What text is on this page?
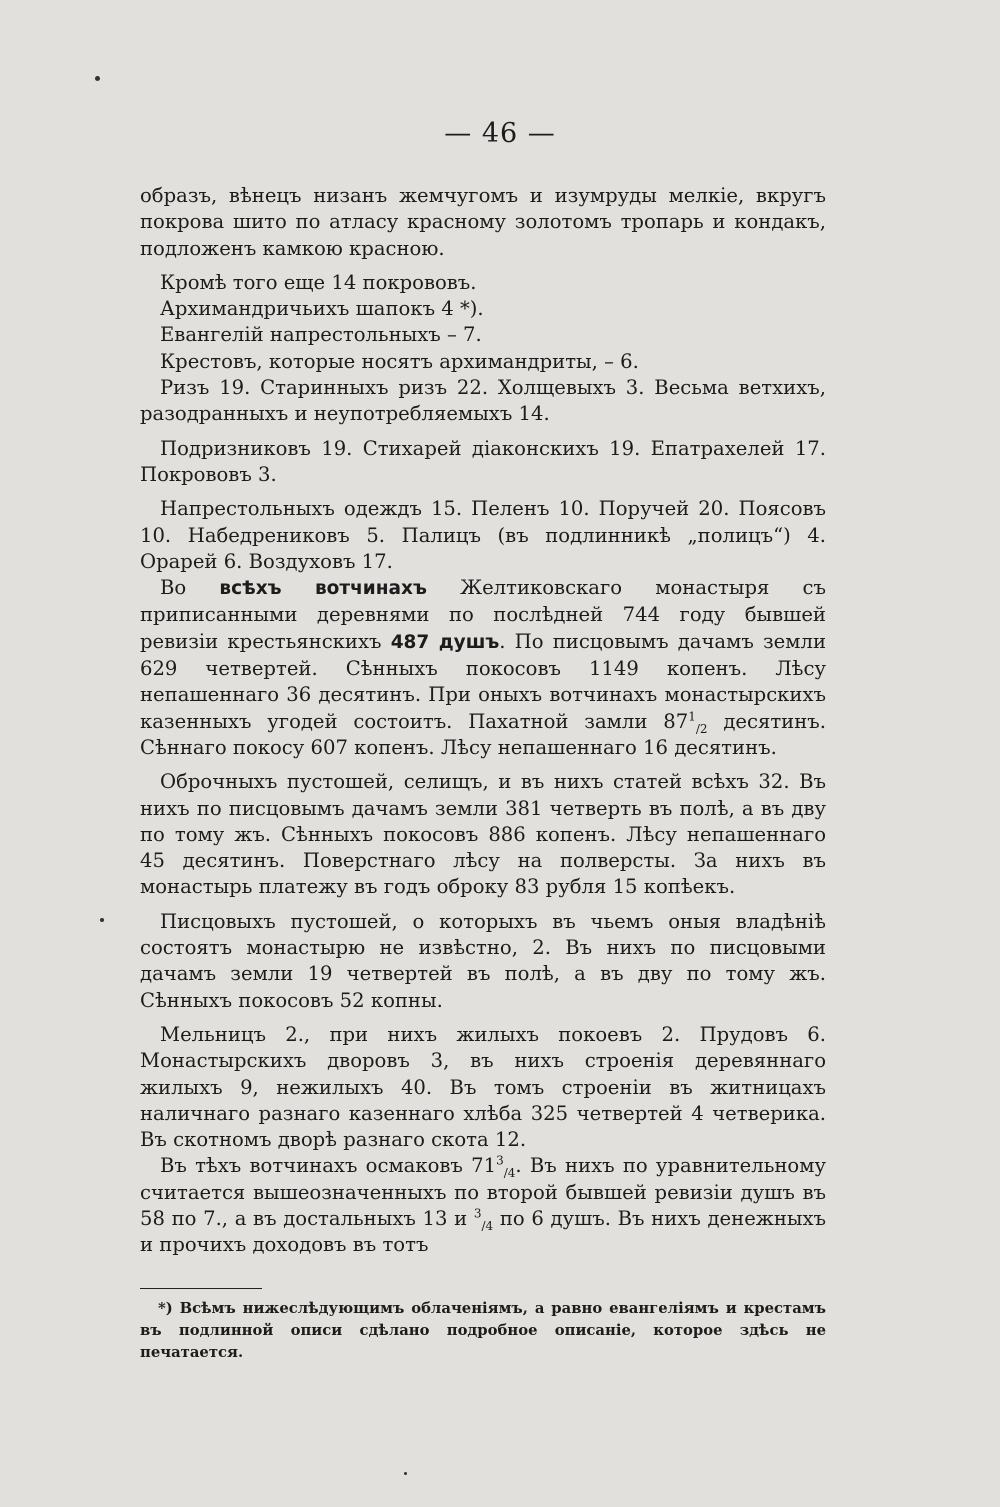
— 46 —

образъ, вѣнецъ низанъ жемчугомъ и изумруды мелкіе, вкругъ покрова шито по атласу красному золотомъ тропарь и кондакъ, подложенъ камкою красною.

Кромѣ того еще 14 покрововъ.

Архимандричьихъ шапокъ 4 *).

Евангелій напрестольныхъ – 7.

Крестовъ, которые носятъ архимандриты, – 6.

Ризъ 19. Старинныхъ ризъ 22. Холщевыхъ 3. Весьма ветхихъ, разодранныхъ и неупотребляемыхъ 14.

Подризниковъ 19. Стихарей діаконскихъ 19. Епатрахелей 17. Покрововъ 3.

Напрестольныхъ одеждъ 15. Пеленъ 10. Поручей 20. Поясовъ 10. Набедрениковъ 5. Палицъ (въ подлинникѣ „полицъ“) 4. Орарей 6. Воздуховъ 17.

Во всѣхъ вотчинахъ Желтиковскаго монастыря съ приписанными деревнями по послѣдней 744 году бывшей ревизіи крестьянскихъ 487 душъ. По писцовымъ дачамъ земли 629 четвертей. Сѣнныхъ покосовъ 1149 копенъ. Лѣсу непашеннаго 36 десятинъ. При оныхъ вотчинахъ монастырскихъ казенныхъ угодей состоитъ. Пахатной замли $87^1_{/2}$ десятинъ. Сѣннаго покосу 607 копенъ. Лѣсу непашеннаго 16 десятинъ.

Оброчныхъ пустошей, селищъ, и въ нихъ статей всѣхъ 32. Въ нихъ по писцовымъ дачамъ земли 381 четверть въ полѣ, а въ дву по тому жъ. Сѣнныхъ покосовъ 886 копенъ. Лѣсу непашеннаго 45 десятинъ. Поверстнаго лѣсу на полверсты. За нихъ въ монастырь платежу въ годъ оброку 83 рубля 15 копѣекъ.

Писцовыхъ пустошей, о которыхъ въ чьемъ оныя владѣніѣ состоятъ монастырю не извѣстно, 2. Въ нихъ по писцовыми дачамъ земли 19 четвертей въ полѣ, а въ дву по тому жъ. Сѣнныхъ покосовъ 52 копны.

Мельницъ 2., при нихъ жилыхъ покоевъ 2. Прудовъ 6. Монастырскихъ дворовъ 3, въ нихъ строенія деревяннаго жилыхъ 9, нежилыхъ 40. Въ томъ строеніи въ житницахъ наличнаго разнаго казеннаго хлѣба 325 четвертей 4 четверика. Въ скотномъ дворѣ разнаго скота 12.

Въ тѣхъ вотчинахъ осмаковъ $71^3_{/4}$. Въ нихъ по уравнительному считается вышеозначенныхъ по второй бывшей ревизіи душъ въ 58 по 7., а въ достальныхъ 13 и $^3_{/4}$ по 6 душъ. Въ нихъ денежныхъ и прочихъ доходовъ въ тотъ

*) Всѣмъ нижеслѣдующимъ облаченіямъ, а равно евангеліямъ и крестамъ въ подлинной описи сдѣлано подробное описаніе, которое здѣсь не печатается.
